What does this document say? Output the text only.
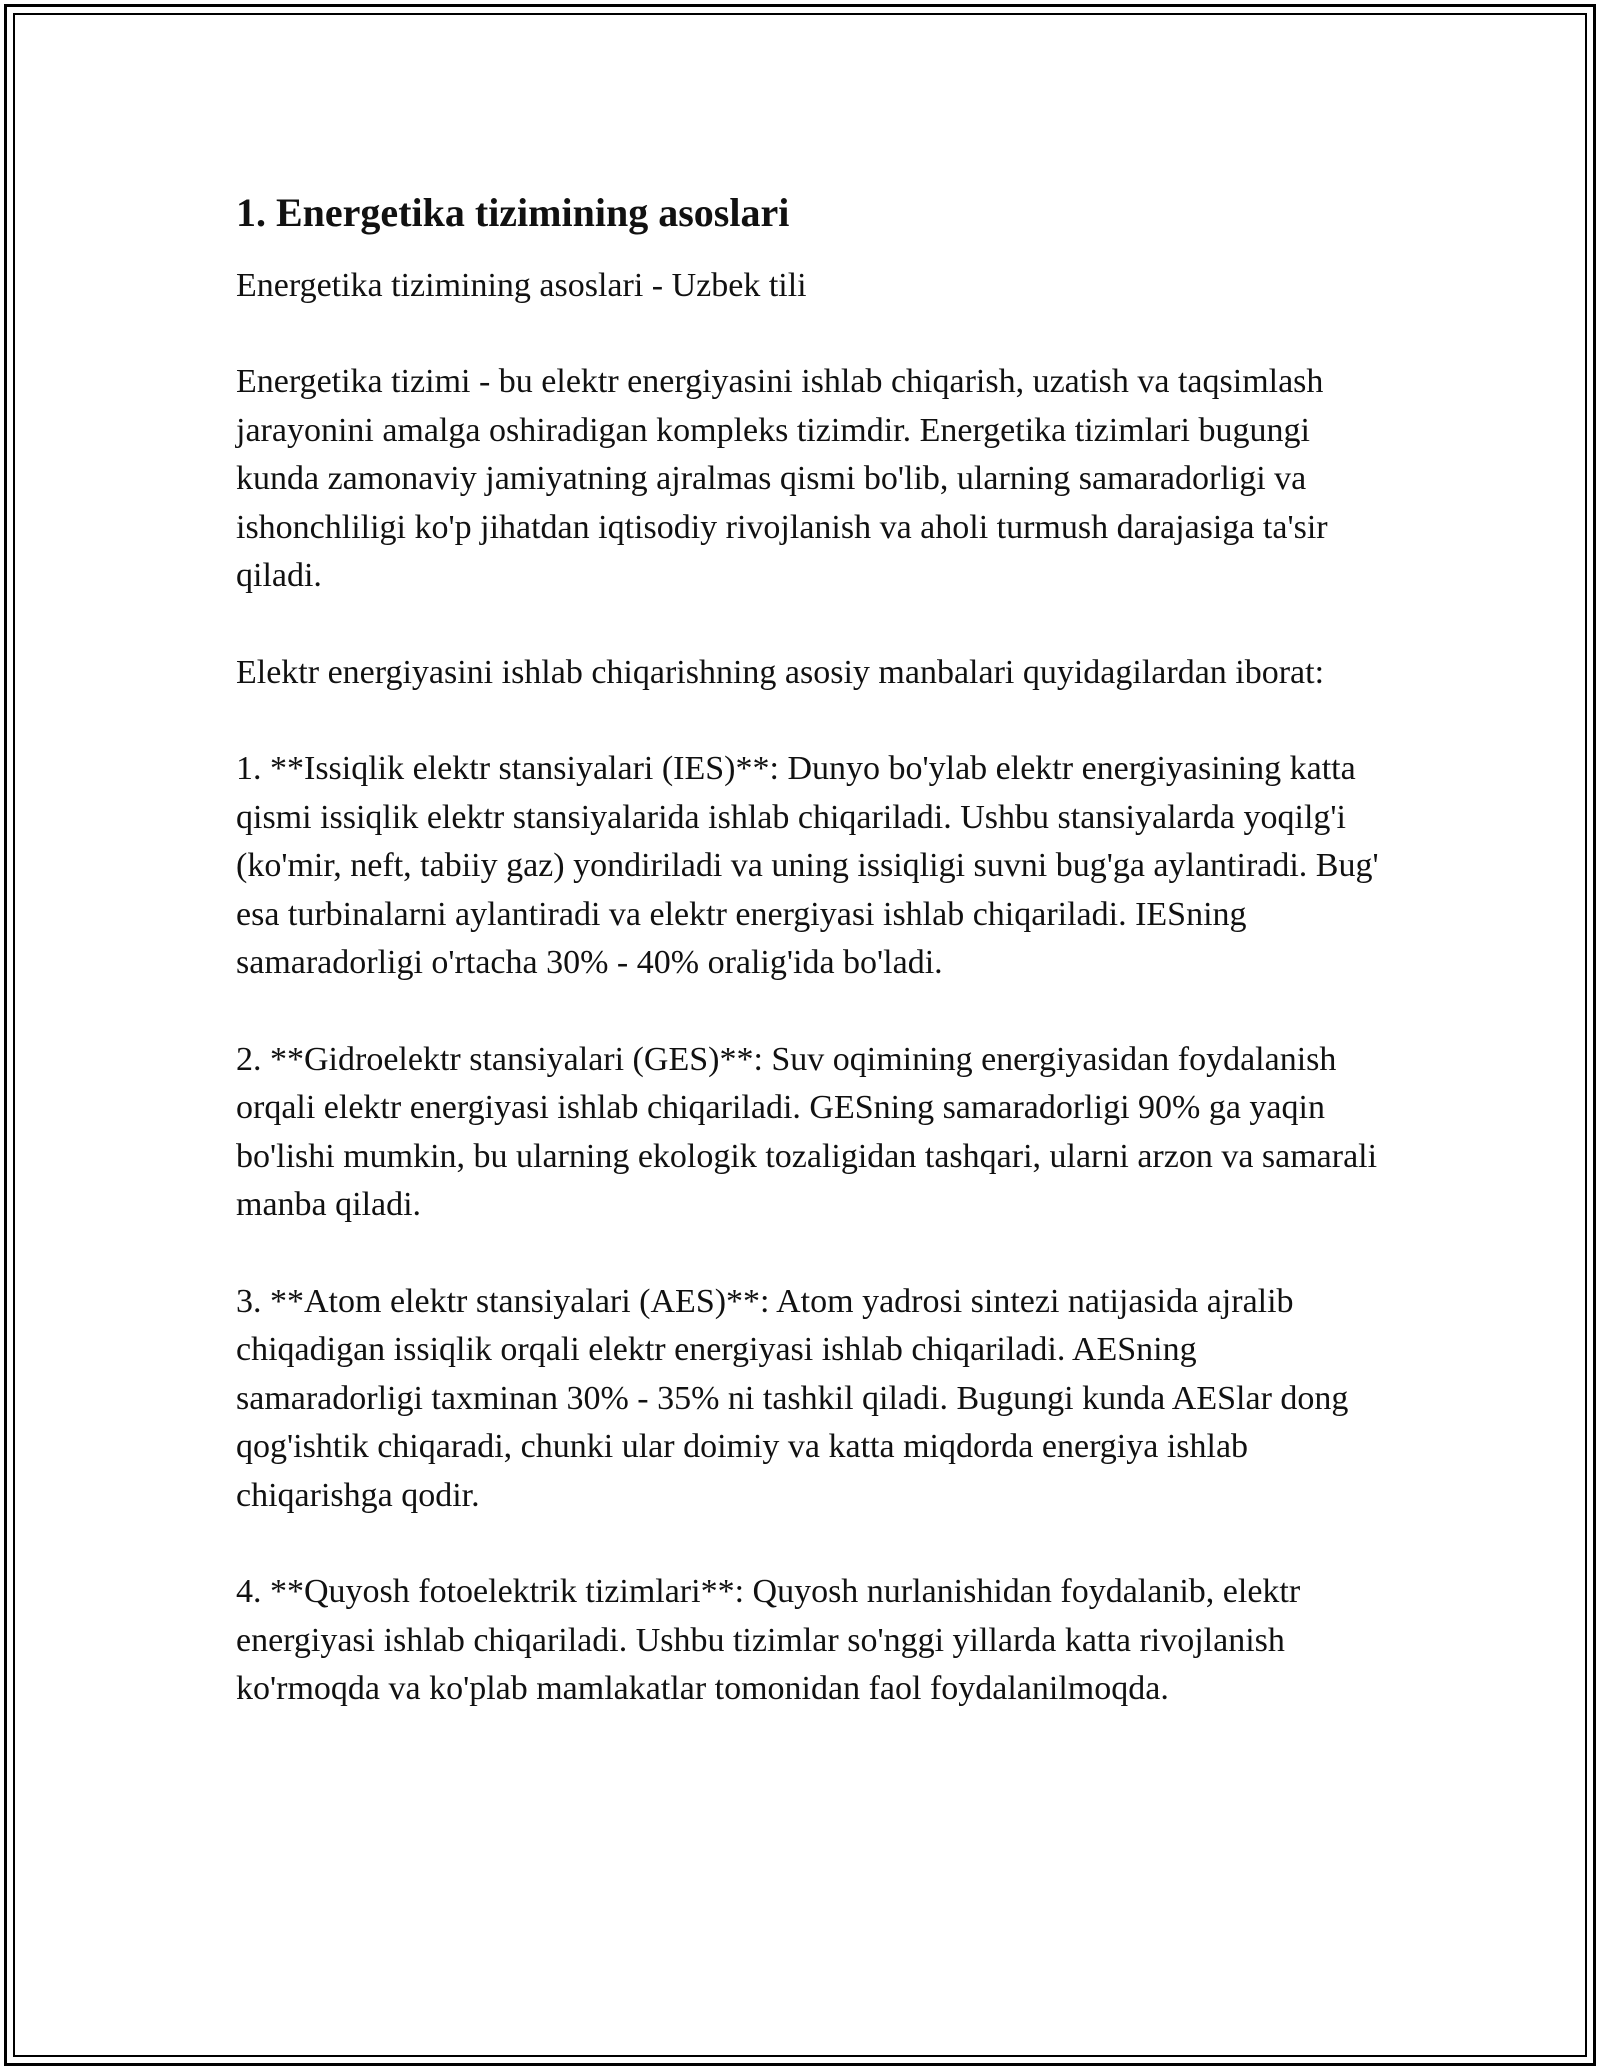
1. Energetika tizimining asoslari

Energetika tizimining asoslari - Uzbek tili

Energetika tizimi - bu elektr energiyasini ishlab chiqarish, uzatish va taqsimlash jarayonini amalga oshiradigan kompleks tizimdir. Energetika tizimlari bugungi kunda zamonaviy jamiyatning ajralmas qismi bo'lib, ularning samaradorligi va ishonchliligi ko'p jihatdan iqtisodiy rivojlanish va aholi turmush darajasiga ta'sir qiladi.

Elektr energiyasini ishlab chiqarishning asosiy manbalari quyidagilardan iborat:

1. **Issiqlik elektr stansiyalari (IES)**: Dunyo bo'ylab elektr energiyasining katta qismi issiqlik elektr stansiyalarida ishlab chiqariladi. Ushbu stansiyalarda yoqilg'i (ko'mir, neft, tabiiy gaz) yondiriladi va uning issiqligi suvni bug'ga aylantiradi. Bug' esa turbinalarni aylantiradi va elektr energiyasi ishlab chiqariladi. IESning samaradorligi o'rtacha 30% - 40% oralig'ida bo'ladi.

2. **Gidroelektr stansiyalari (GES)**: Suv oqimining energiyasidan foydalanish orqali elektr energiyasi ishlab chiqariladi. GESning samaradorligi 90% ga yaqin bo'lishi mumkin, bu ularning ekologik tozaligidan tashqari, ularni arzon va samarali manba qiladi.

3. **Atom elektr stansiyalari (AES)**: Atom yadrosi sintezi natijasida ajralib chiqadigan issiqlik orqali elektr energiyasi ishlab chiqariladi. AESning samaradorligi taxminan 30% - 35% ni tashkil qiladi. Bugungi kunda AESlar dong qog'ishtik chiqaradi, chunki ular doimiy va katta miqdorda energiya ishlab chiqarishga qodir.

4. **Quyosh fotoelektrik tizimlari**: Quyosh nurlanishidan foydalanib, elektr energiyasi ishlab chiqariladi. Ushbu tizimlar so'nggi yillarda katta rivojlanish ko'rmoqda va ko'plab mamlakatlar tomonidan faol foydalanilmoqda.
